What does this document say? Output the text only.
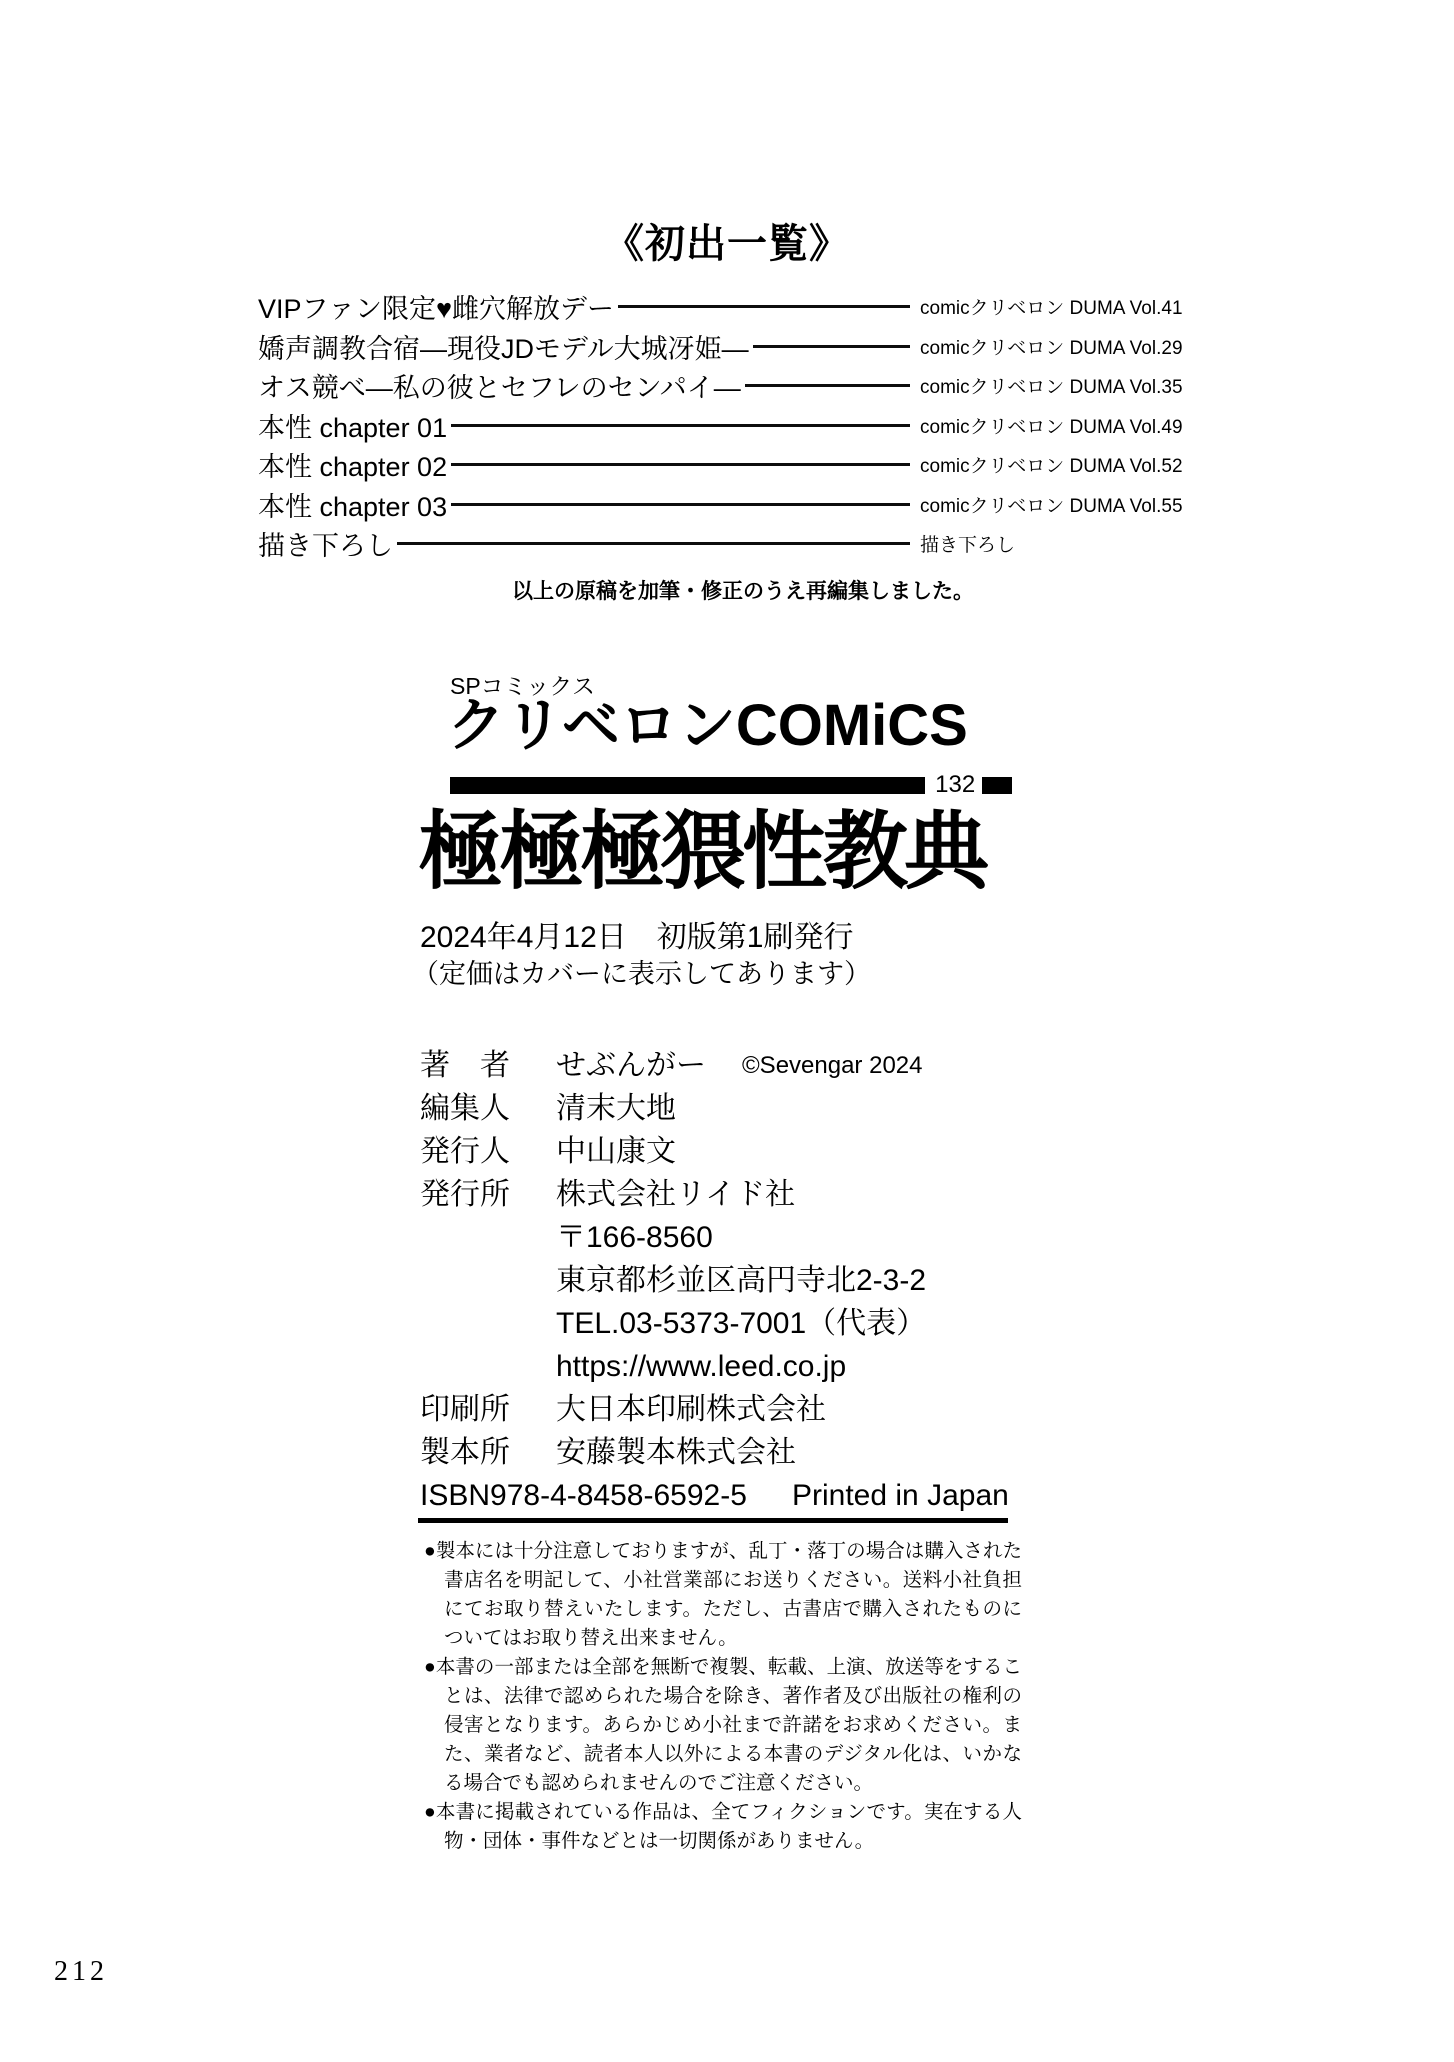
《初出一覧》
VIPファン限定♥雌穴解放デー	comicクリベロン DUMA Vol.41
嬌声調教合宿―現役JDモデル大城冴姫―	comicクリベロン DUMA Vol.29
オス競べ―私の彼とセフレのセンパイ―	comicクリベロン DUMA Vol.35
本性 chapter 01	comicクリベロン DUMA Vol.49
本性 chapter 02	comicクリベロン DUMA Vol.52
本性 chapter 03	comicクリベロン DUMA Vol.55
描き下ろし	描き下ろし
以上の原稿を加筆・修正のうえ再編集しました。
SPコミックス
クリベロンCOMiCS
132
極極極猥性教典
2024年4月12日　初版第1刷発行
（定価はカバーに表示してあります）
著　者	せぶんがー ©Sevengar 2024
編集人	清末大地
発行人	中山康文
発行所	株式会社リイド社
〒166-8560
東京都杉並区高円寺北2-3-2
TEL.03-5373-7001（代表）
https://www.leed.co.jp
印刷所	大日本印刷株式会社
製本所	安藤製本株式会社
ISBN978-4-8458-6592-5	Printed in Japan

●製本には十分注意しておりますが、乱丁・落丁の場合は購入された書店名を明記して、小社営業部にお送りください。送料小社負担にてお取り替えいたします。ただし、古書店で購入されたものについてはお取り替え出来ません。

●本書の一部または全部を無断で複製、転載、上演、放送等をすることは、法律で認められた場合を除き、著作者及び出版社の権利の侵害となります。あらかじめ小社まで許諾をお求めください。また、業者など、読者本人以外による本書のデジタル化は、いかなる場合でも認められませんのでご注意ください。

●本書に掲載されている作品は、全てフィクションです。実在する人物・団体・事件などとは一切関係がありません。

212
